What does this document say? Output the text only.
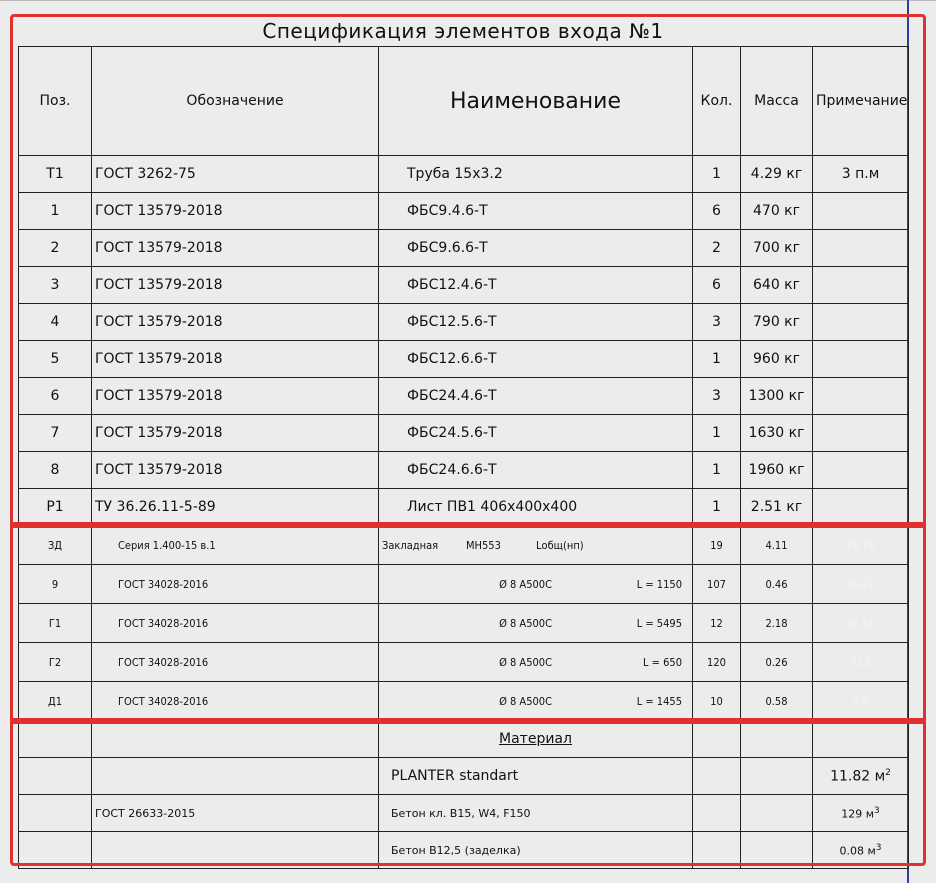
Спецификация элементов входа №1
Поз.	Обозначение	Наименование	Кол.	Масса	Примечание
Т1	ГОСТ 3262-75	Труба 15х3.2	1	4.29 кг	3 п.м
1	ГОСТ 13579-2018	ФБС9.4.6-Т	6	470 кг	
2	ГОСТ 13579-2018	ФБС9.6.6-Т	2	700 кг	
3	ГОСТ 13579-2018	ФБС12.4.6-Т	6	640 кг	
4	ГОСТ 13579-2018	ФБС12.5.6-Т	3	790 кг	
5	ГОСТ 13579-2018	ФБС12.6.6-Т	1	960 кг	
6	ГОСТ 13579-2018	ФБС24.4.6-Т	3	1300 кг	
7	ГОСТ 13579-2018	ФБС24.5.6-Т	1	1630 кг	
8	ГОСТ 13579-2018	ФБС24.6.6-Т	1	1960 кг	
Р1	ТУ 36.26.11-5-89	Лист ПВ1 406х400х400	1	2.51 кг	
ЗД	Серия 1.400-15 в.1	Закладная МН553 Lобщ(нп)	19	4.11	79.78
9	ГОСТ 34028-2016	Ø 8 А500С L = 1150	107	0.46	49.22
Г1	ГОСТ 34028-2016	Ø 8 А500С L = 5495	12	2.18	26.16
Г2	ГОСТ 34028-2016	Ø 8 А500С L = 650	120	0.26	31.2
Д1	ГОСТ 34028-2016	Ø 8 А500С L = 1455	10	0.58	5.8
		Материал			
		PLANTER standart			11.82 $м^2$
	ГОСТ 26633-2015	Бетон кл. В15, W4, F150			129 $м^3$
		Бетон В12,5 (заделка)			0.08 $м^3$
